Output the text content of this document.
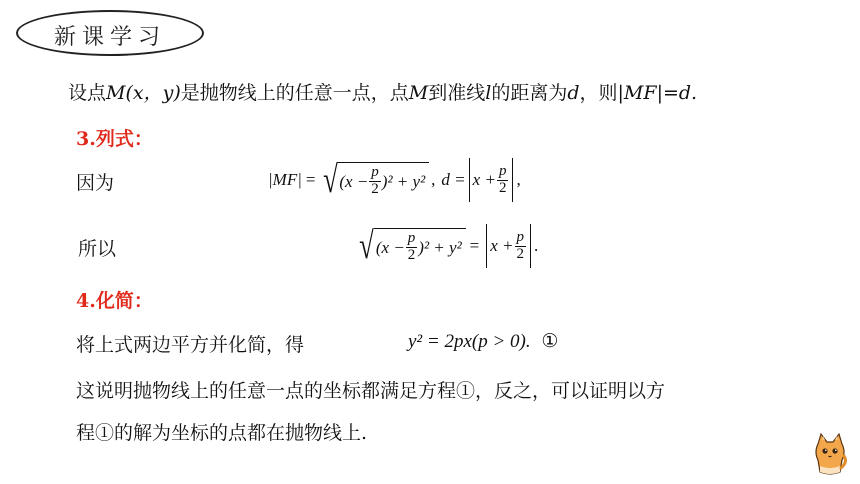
新课学习
设点M(x，y)是抛物线上的任意一点，点M到准线l的距离为d，则|MF|=d.
3.列式：
因为	|MF| = √ $(x - \frac{p}{2} )^2 + y^2$ , $d = x + \frac{p}{2}$ ,
所以	√ $(x - \frac{p}{2} )^2 + y^2 = x + \frac{p}{2}$ .
4.化简：
将上式两边平方并化简，得	y² = 2px(p > 0). ①
这说明抛物线上的任意一点的坐标都满足方程①，反之，可以证明以方
程①的解为坐标的点都在抛物线上.
